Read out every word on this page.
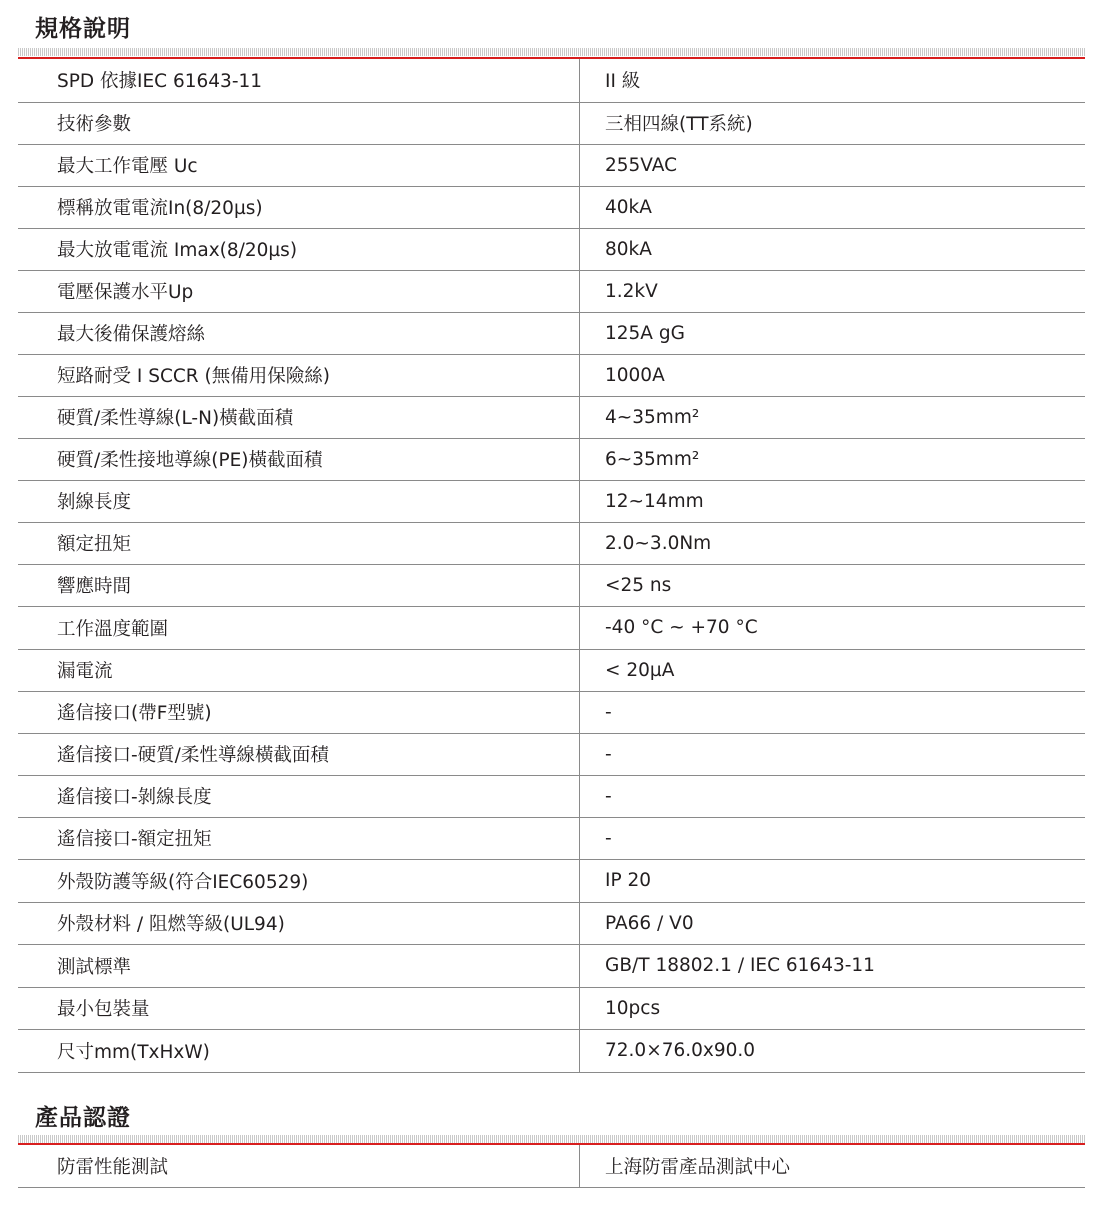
規格說明
SPD 依據IEC 61643-11	II 級
技術參數	三相四線(TT系統)
最大工作電壓 Uc	255VAC
標稱放電電流In(8/20µs)	40kA
最大放電電流 Imax(8/20µs)	80kA
電壓保護水平Up	1.2kV
最大後備保護熔絲	125A gG
短路耐受 I SCCR (無備用保險絲)	1000A
硬質/柔性導線(L-N)橫截面積	4~35mm²
硬質/柔性接地導線(PE)橫截面積	6~35mm²
剝線長度	12~14mm
額定扭矩	2.0~3.0Nm
響應時間	<25 ns
工作溫度範圍	-40 °C ~ +70 °C
漏電流	< 20µA
遙信接口(帶F型號)	-
遙信接口-硬質/柔性導線橫截面積	-
遙信接口-剝線長度	-
遙信接口-額定扭矩	-
外殼防護等級(符合IEC60529)	IP 20
外殼材料 / 阻燃等級(UL94)	PA66 / V0
測試標準	GB/T 18802.1 / IEC 61643-11
最小包裝量	10pcs
尺寸mm(TxHxW)	72.0×76.0x90.0
產品認證
防雷性能測試	上海防雷產品測試中心
